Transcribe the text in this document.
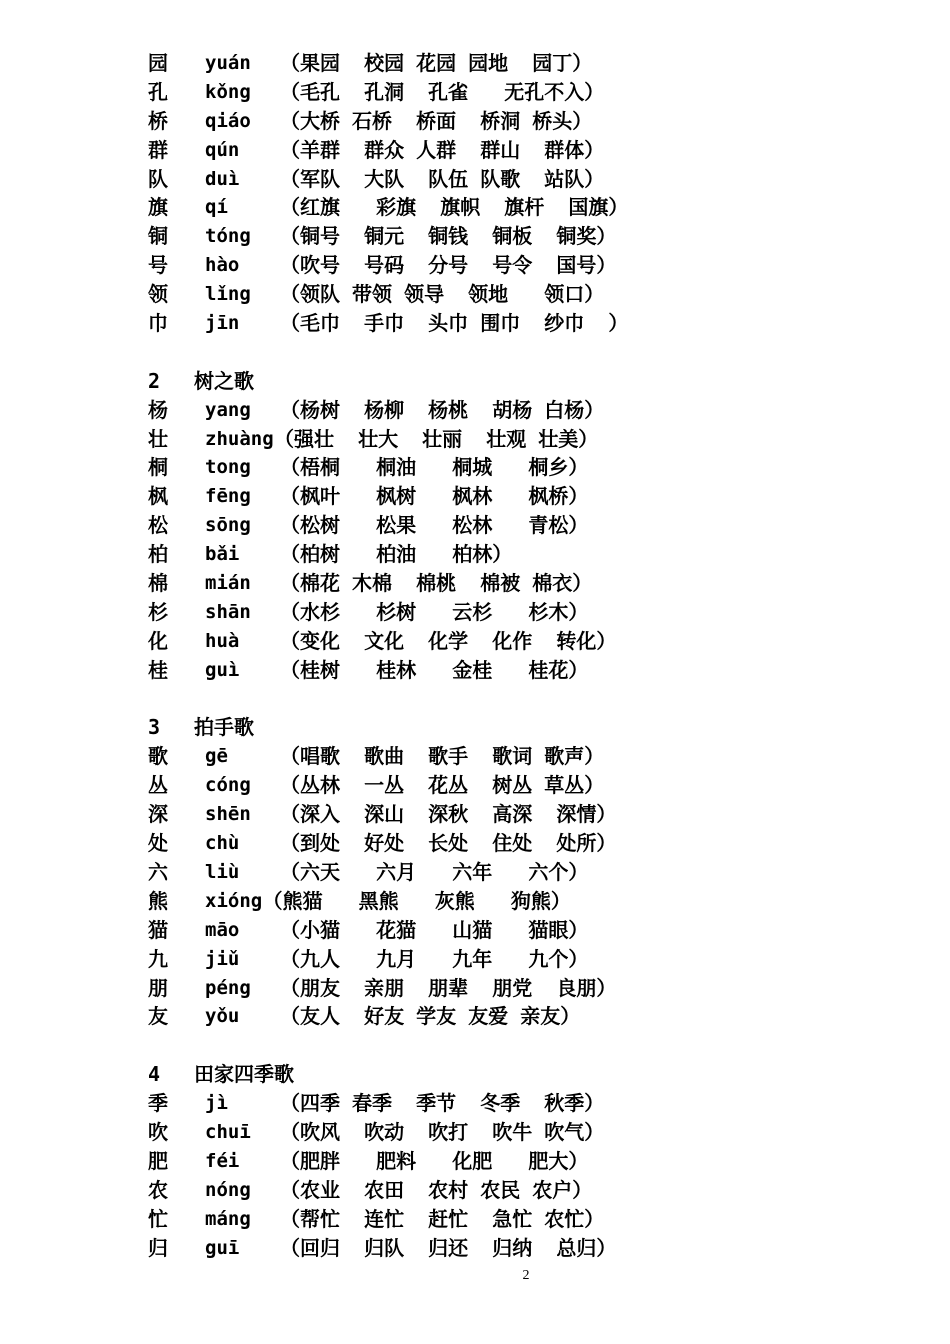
园 yuán （果园  校园 花园 园地  园丁）
孔 kǒng （毛孔  孔洞  孔雀   无孔不入）
桥 qiáo （大桥 石桥  桥面  桥洞 桥头）
群 qún （羊群  群众 人群  群山  群体）
队 duì （军队  大队  队伍 队歌  站队）
旗 qí	（红旗   彩旗  旗帜  旗杆  国旗）
铜 tóng （铜号  铜元  铜钱  铜板  铜奖）
号 hào （吹号  号码  分号  号令  国号）
领 lǐng （领队 带领 领导  领地   领口）
巾 jīn （毛巾  手巾  头巾 围巾  纱巾  ）
2 树之歌
杨 yang （杨树  杨柳  杨桃  胡杨 白杨）
壮 zhuàng （强壮  壮大  壮丽  壮观 壮美）
桐 tong （梧桐   桐油   桐城   桐乡）
枫 fēng （枫叶   枫树   枫林   枫桥）
松 sōng （松树   松果   松林   青松）
柏 bǎi （柏树   柏油   柏林）
棉 mián （棉花 木棉  棉桃  棉被 棉衣）
杉 shān （水杉   杉树   云杉   杉木）
化 huà （变化  文化  化学  化作  转化）
桂 guì （桂树   桂林   金桂   桂花）
3 拍手歌
歌 gē	（唱歌  歌曲  歌手  歌词 歌声）
丛 cóng （丛林  一丛  花丛  树丛 草丛）
深 shēn （深入  深山  深秋  高深  深情）
处 chù （到处  好处  长处  住处  处所）
六 liù （六天   六月   六年   六个）
熊 xióng （熊猫   黑熊   灰熊   狗熊）
猫 māo （小猫   花猫   山猫   猫眼）
九 jiǔ （九人   九月   九年   九个）
朋 péng （朋友  亲朋  朋辈  朋党  良朋）
友 yǒu （友人  好友 学友 友爱 亲友）
4 田家四季歌
季 jì	（四季 春季  季节  冬季  秋季）
吹 chuī （吹风  吹动  吹打  吹牛 吹气）
肥 féi （肥胖   肥料   化肥   肥大）
农 nóng （农业  农田  农村 农民 农户）
忙 máng （帮忙  连忙  赶忙  急忙 农忙）
归 guī （回归  归队  归还  归纳  总归）
2
